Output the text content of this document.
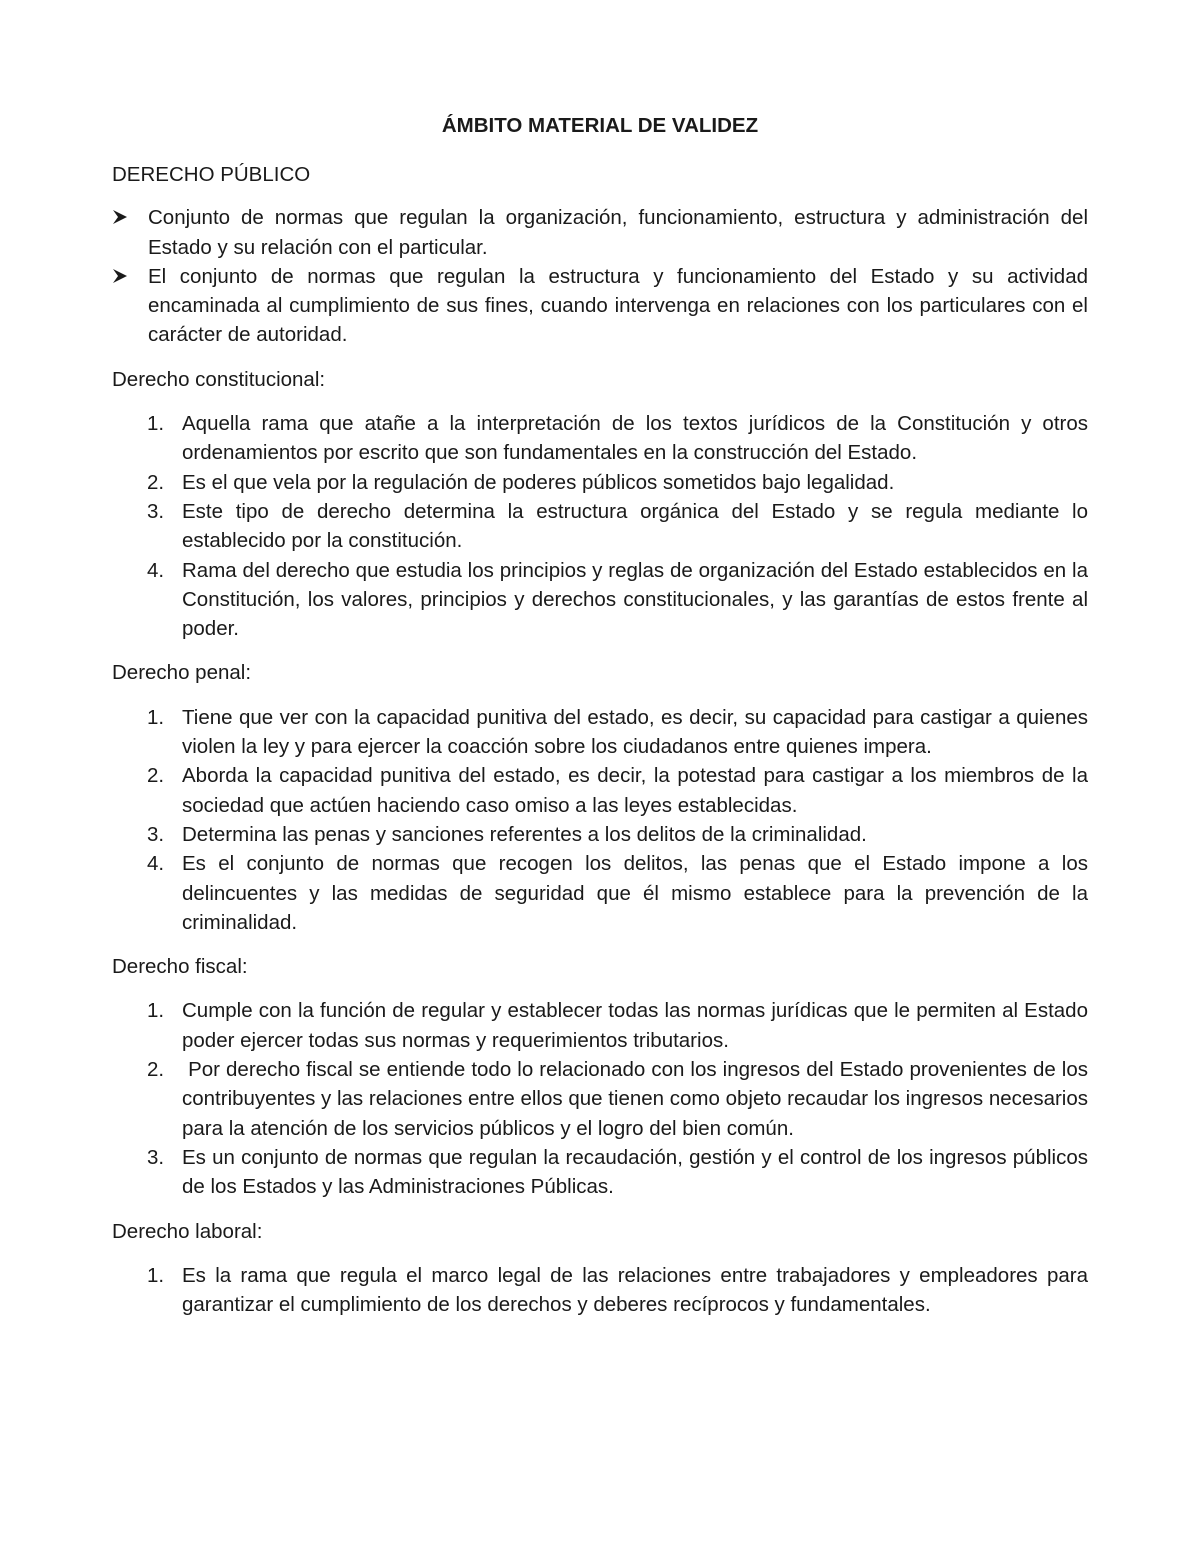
ÁMBITO MATERIAL DE VALIDEZ

DERECHO PÚBLICO

Conjunto de normas que regulan la organización, funcionamiento, estructura y administración del Estado y su relación con el particular.
El conjunto de normas que regulan la estructura y funcionamiento del Estado y su actividad encaminada al cumplimiento de sus fines, cuando intervenga en relaciones con los particulares con el carácter de autoridad.

Derecho constitucional:

1. Aquella rama que atañe a la interpretación de los textos jurídicos de la Constitución y otros ordenamientos por escrito que son fundamentales en la construcción del Estado.
2. Es el que vela por la regulación de poderes públicos sometidos bajo legalidad.
3. Este tipo de derecho determina la estructura orgánica del Estado y se regula mediante lo establecido por la constitución.
4. Rama del derecho que estudia los principios y reglas de organización del Estado establecidos en la Constitución, los valores, principios y derechos constitucionales, y las garantías de estos frente al poder.

Derecho penal:

1. Tiene que ver con la capacidad punitiva del estado, es decir, su capacidad para castigar a quienes violen la ley y para ejercer la coacción sobre los ciudadanos entre quienes impera.
2. Aborda la capacidad punitiva del estado, es decir, la potestad para castigar a los miembros de la sociedad que actúen haciendo caso omiso a las leyes establecidas.
3. Determina las penas y sanciones referentes a los delitos de la criminalidad.
4. Es el conjunto de normas que recogen los delitos, las penas que el Estado impone a los delincuentes y las medidas de seguridad que él mismo establece para la prevención de la criminalidad.

Derecho fiscal:

1. Cumple con la función de regular y establecer todas las normas jurídicas que le permiten al Estado poder ejercer todas sus normas y requerimientos tributarios.
2. Por derecho fiscal se entiende todo lo relacionado con los ingresos del Estado provenientes de los contribuyentes y las relaciones entre ellos que tienen como objeto recaudar los ingresos necesarios para la atención de los servicios públicos y el logro del bien común.
3. Es un conjunto de normas que regulan la recaudación, gestión y el control de los ingresos públicos de los Estados y las Administraciones Públicas.

Derecho laboral:

1. Es la rama que regula el marco legal de las relaciones entre trabajadores y empleadores para garantizar el cumplimiento de los derechos y deberes recíprocos y fundamentales.
